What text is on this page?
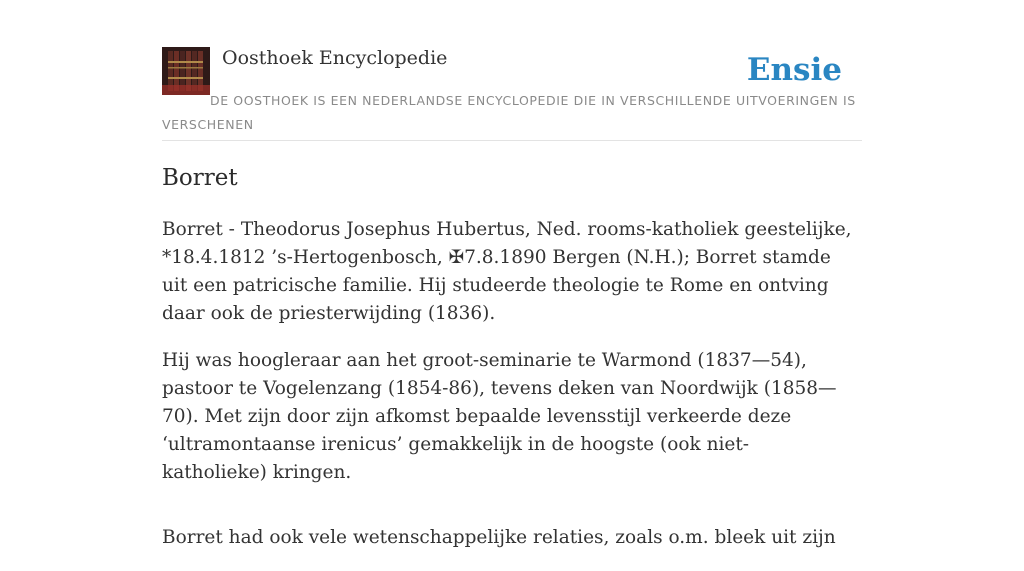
Oosthoek Encyclopedie	Ensie
DE OOSTHOEK IS EEN NEDERLANDSE ENCYCLOPEDIE DIE IN VERSCHILLENDE UITVOERINGEN IS VERSCHENEN
Borret

Borret - Theodorus Josephus Hubertus, Ned. rooms-katholiek geestelijke, *18.4.1812 ’s-Hertogenbosch, ✠7.8.1890 Bergen (N.H.); Borret stamde uit een patricische familie. Hij studeerde theologie te Rome en ontving daar ook de priesterwijding (1836).

Hij was hoogleraar aan het groot-seminarie te Warmond (1837—54), pastoor te Vogelenzang (1854-86), tevens deken van Noordwijk (1858— 70). Met zijn door zijn afkomst bepaalde levensstijl verkeerde deze ‘ultramontaanse irenicus’ gemakkelijk in de hoogste (ook niet-katholieke) kringen.

Borret had ook vele wetenschappelijke relaties, zoals o.m. bleek uit zijn
